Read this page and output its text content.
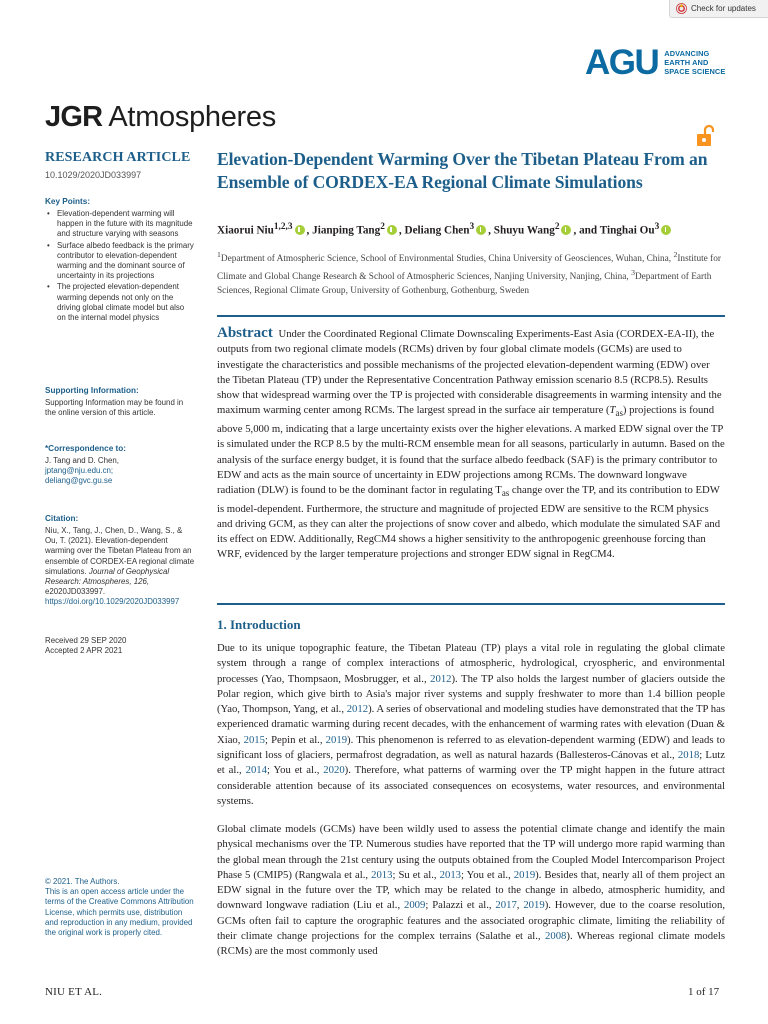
Check for updates
AGU ADVANCING
EARTH AND
SPACE SCIENCE
JGR Atmospheres
RESEARCH ARTICLE
10.1029/2020JD033997
Key Points:
• Elevation-dependent warming will happen in the future with its magnitude and structure varying with seasons
• Surface albedo feedback is the primary contributor to elevation-dependent warming and the dominant source of uncertainty in its projections
• The projected elevation-dependent warming depends not only on the driving global climate model but also on the internal model physics
Supporting Information:
Supporting Information may be found in the online version of this article.
*Correspondence to:
J. Tang and D. Chen,
jptang@nju.edu.cn;
deliang@gvc.gu.se
Citation:
Niu, X., Tang, J., Chen, D., Wang, S., & Ou, T. (2021). Elevation-dependent warming over the Tibetan Plateau from an ensemble of CORDEX-EA regional climate simulations. Journal of Geophysical Research: Atmospheres, 126, e2020JD033997. https://doi.org/10.1029/2020JD033997
Received 29 SEP 2020
Accepted 2 APR 2021
© 2021. The Authors.
This is an open access article under the terms of the Creative Commons Attribution License, which permits use, distribution and reproduction in any medium, provided the original work is properly cited.
Elevation-Dependent Warming Over the Tibetan Plateau From an Ensemble of CORDEX-EA Regional Climate Simulations
Xiaorui Niu$^{1,2,3}$ , Jianping Tang$^2$ , Deliang Chen$^3$ , Shuyu Wang$^2$ , and Tinghai Ou$^3$
$^1$Department of Atmospheric Science, School of Environmental Studies, China University of Geosciences, Wuhan, China, $^2$Institute for Climate and Global Change Research & School of Atmospheric Sciences, Nanjing University, Nanjing, China, $^3$Department of Earth Sciences, Regional Climate Group, University of Gothenburg, Gothenburg, Sweden
Abstract Under the Coordinated Regional Climate Downscaling Experiments-East Asia (CORDEX-EA-II), the outputs from two regional climate models (RCMs) driven by four global climate models (GCMs) are used to investigate the characteristics and possible mechanisms of the projected elevation-dependent warming (EDW) over the Tibetan Plateau (TP) under the Representative Concentration Pathway emission scenario 8.5 (RCP8.5). Results show that widespread warming over the TP is projected with considerable disagreements in warming intensity and the maximum warming center among RCMs. The largest spread in the surface air temperature $(T_{as})$ projections is found above 5,000 m, indicating that a large uncertainty exists over the higher elevations. A marked EDW signal over the TP is simulated under the RCP 8.5 by the multi-RCM ensemble mean for all seasons, particularly in autumn. Based on the analysis of the surface energy budget, it is found that the surface albedo feedback (SAF) is the primary contributor to EDW and acts as the main source of uncertainty in EDW projections among RCMs. The downward longwave radiation (DLW) is found to be the dominant factor in regulating $T_{as}$ change over the TP, and its contribution to EDW is model-dependent. Furthermore, the structure and magnitude of projected EDW are sensitive to the RCM physics and driving GCM, as they can alter the projections of snow cover and albedo, which modulate the simulated SAF and its effect on EDW. Additionally, RegCM4 shows a higher sensitivity to the anthropogenic greenhouse forcing than WRF, evidenced by the larger temperature projections and stronger EDW signal in RegCM4.
1. Introduction
Due to its unique topographic feature, the Tibetan Plateau (TP) plays a vital role in regulating the global climate system through a range of complex interactions of atmospheric, hydrological, cryospheric, and environmental processes (Yao, Thompsaon, Mosbrugger, et al., 2012). The TP also holds the largest number of glaciers outside the Polar region, which give birth to Asia's major river systems and supply freshwater to more than 1.4 billion people (Yao, Thompson, Yang, et al., 2012). A series of observational and modeling studies have demonstrated that the TP has experienced dramatic warming during recent decades, with the enhancement of warming rates with elevation (Duan & Xiao, 2015; Pepin et al., 2019). This phenomenon is referred to as elevation-dependent warming (EDW) and leads to significant loss of glaciers, permafrost degradation, as well as natural hazards (Ballesteros-Cánovas et al., 2018; Lutz et al., 2014; You et al., 2020). Therefore, what patterns of warming over the TP might happen in the future attract considerable attention because of its associated consequences on ecosystems, water resources, and environmental systems.
Global climate models (GCMs) have been wildly used to assess the potential climate change and identify the main physical mechanisms over the TP. Numerous studies have reported that the TP will undergo more rapid warming than the global mean through the 21st century using the outputs obtained from the Coupled Model Intercomparison Project Phase 5 (CMIP5) (Rangwala et al., 2013; Su et al., 2013; You et al., 2019). Besides that, nearly all of them project an EDW signal in the future over the TP, which may be related to the change in albedo, atmospheric humidity, and downward longwave radiation (Liu et al., 2009; Palazzi et al., 2017, 2019). However, due to the coarse resolution, GCMs often fail to capture the orographic features and the associated orographic climate, limiting the reliability of their climate change projections for the complex terrains (Salathe et al., 2008). Whereas regional climate models (RCMs) are the most commonly used
NIU ET AL.	1 of 17
